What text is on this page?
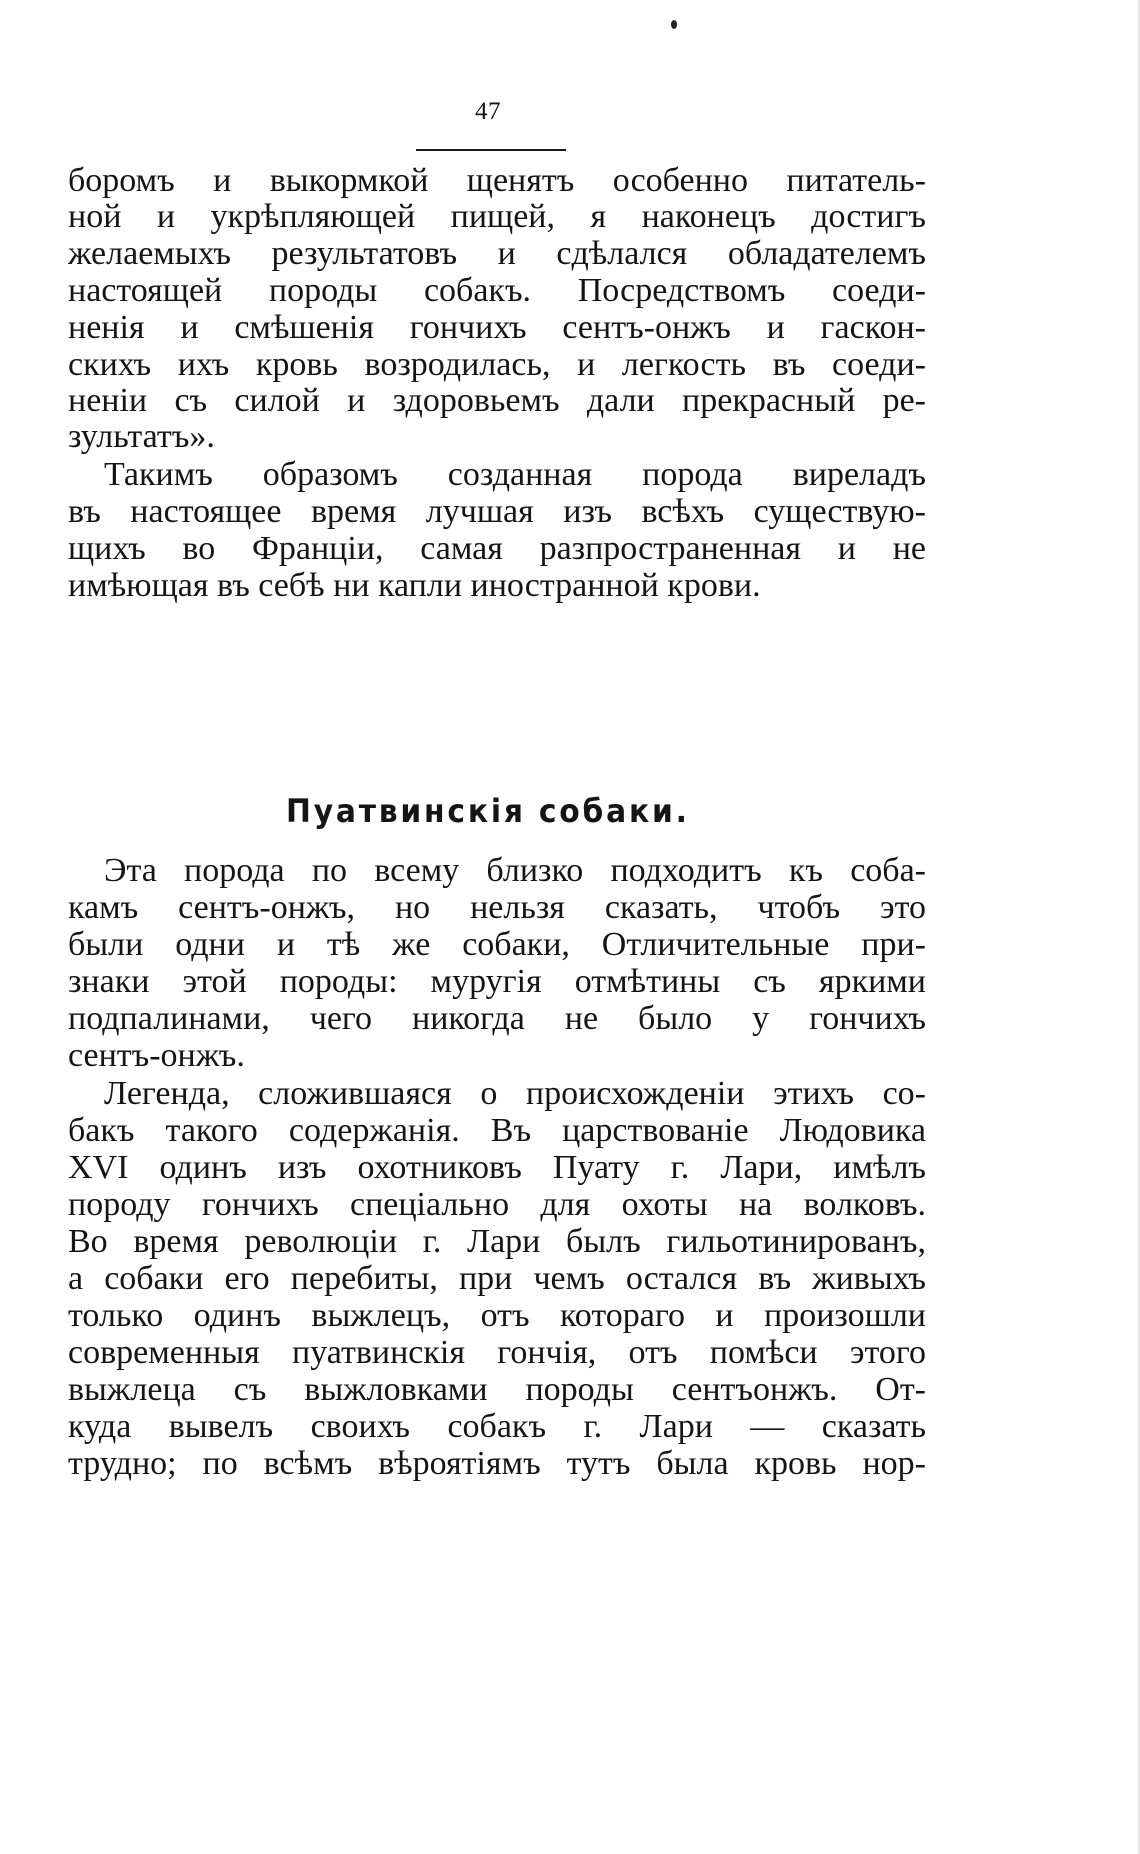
47
боромъ и выкормкой щенятъ особенно питатель-
ной и укрѣпляющей пищей, я наконецъ достигъ
желаемыхъ результатовъ и сдѣлался обладателемъ
настоящей породы собакъ. Посредствомъ соеди-
ненія и смѣшенія гончихъ сентъ-онжъ и гаскон-
скихъ ихъ кровь возродилась, и легкость въ соеди-
неніи съ силой и здоровьемъ дали прекрасный ре-
зультатъ».
Такимъ образомъ созданная порода виреладъ
въ настоящее время лучшая изъ всѣхъ существую-
щихъ во Франціи, самая разпространенная и не
имѣющая въ себѣ ни капли иностранной крови.
Пуатвинскія собаки.
Эта порода по всему близко подходитъ къ соба-
камъ сентъ-онжъ, но нельзя сказать, чтобъ это
были одни и тѣ же собаки, Отличительные при-
знаки этой породы: муругія отмѣтины съ яркими
подпалинами, чего никогда не было у гончихъ
сентъ-онжъ.
Легенда, сложившаяся о происхожденіи этихъ со-
бакъ такого содержанія. Въ царствованіе Людовика
XVI одинъ изъ охотниковъ Пуату г. Лари, имѣлъ
породу гончихъ спеціально для охоты на волковъ.
Во время революціи г. Лари былъ гильотинированъ,
а собаки его перебиты, при чемъ остался въ живыхъ
только одинъ выжлецъ, отъ котораго и произошли
современныя пуатвинскія гончія, отъ помѣси этого
выжлеца съ выжловками породы сентъонжъ. От-
куда вывелъ своихъ собакъ г. Лари — сказать
трудно; по всѣмъ вѣроятіямъ тутъ была кровь нор-
